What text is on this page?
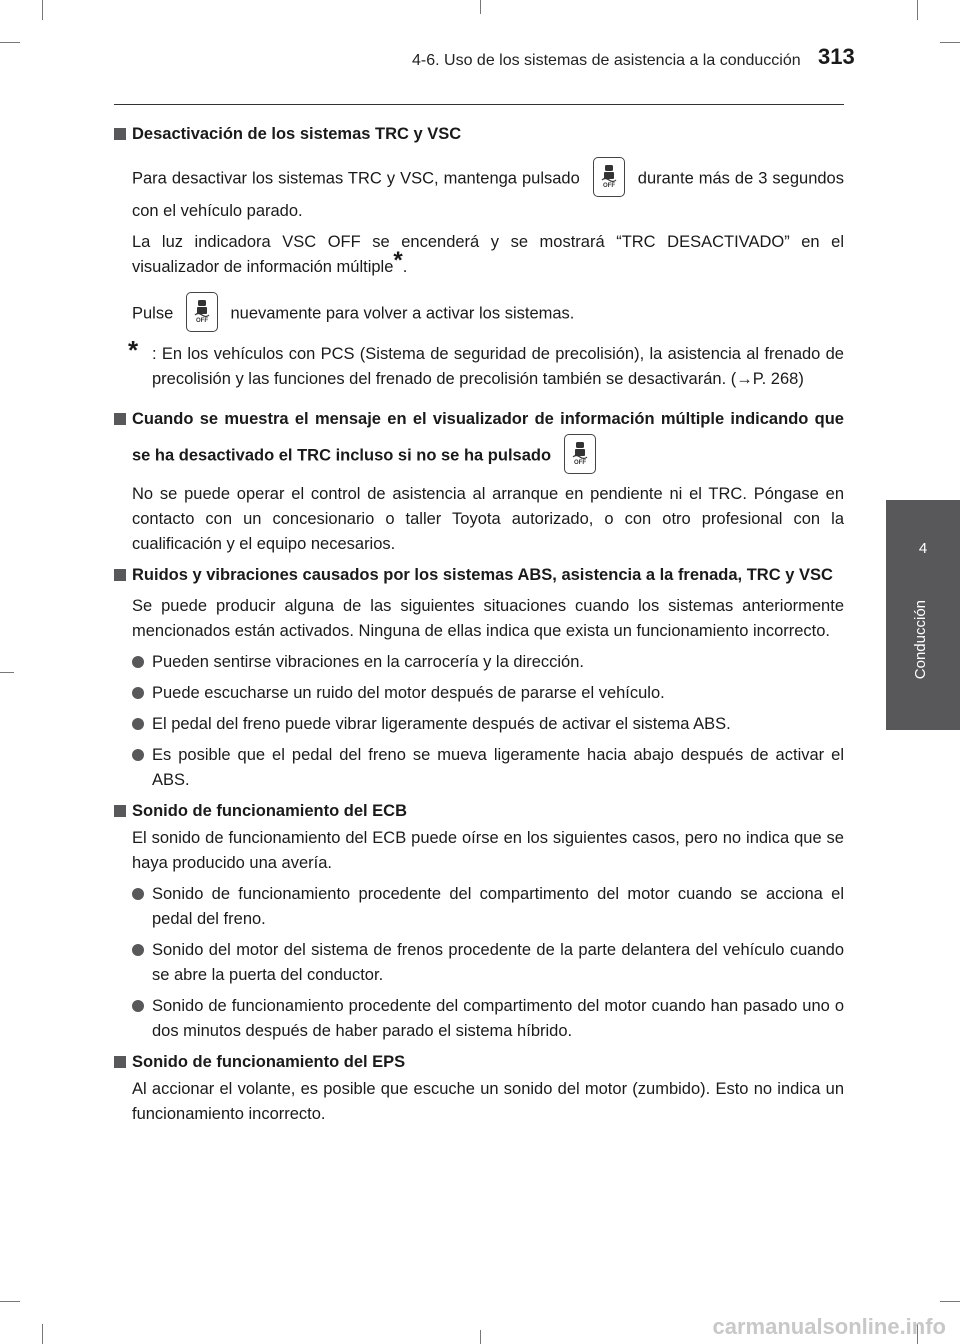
4-6. Uso de los sistemas de asistencia a la conducción 313
4
Conducción
Desactivación de los sistemas TRC y VSC
Para desactivar los sistemas TRC y VSC, mantenga pulsado	OFF durante más de 3 segundos con el vehículo parado.
La luz indicadora VSC OFF se encenderá y se mostrará “TRC DESACTIVADO” en el visualizador de información múltiple*.
Pulse	OFF nuevamente para volver a activar los sistemas.
* : En los vehículos con PCS (Sistema de seguridad de precolisión), la asistencia al frenado de precolisión y las funciones del frenado de precolisión también se desactivarán. (→P. 268)
Cuando se muestra el mensaje en el visualizador de información múltiple indicando que se ha desactivado el TRC incluso si no se ha pulsado	OFF
No se puede operar el control de asistencia al arranque en pendiente ni el TRC. Póngase en contacto con un concesionario o taller Toyota autorizado, o con otro profesional con la cualificación y el equipo necesarios.
Ruidos y vibraciones causados por los sistemas ABS, asistencia a la frenada, TRC y VSC
Se puede producir alguna de las siguientes situaciones cuando los sistemas anteriormente mencionados están activados. Ninguna de ellas indica que exista un funcionamiento incorrecto.
Pueden sentirse vibraciones en la carrocería y la dirección.
Puede escucharse un ruido del motor después de pararse el vehículo.
El pedal del freno puede vibrar ligeramente después de activar el sistema ABS.
Es posible que el pedal del freno se mueva ligeramente hacia abajo después de activar el ABS.
Sonido de funcionamiento del ECB
El sonido de funcionamiento del ECB puede oírse en los siguientes casos, pero no indica que se haya producido una avería.
Sonido de funcionamiento procedente del compartimento del motor cuando se acciona el pedal del freno.
Sonido del motor del sistema de frenos procedente de la parte delantera del vehículo cuando se abre la puerta del conductor.
Sonido de funcionamiento procedente del compartimento del motor cuando han pasado uno o dos minutos después de haber parado el sistema híbrido.
Sonido de funcionamiento del EPS
Al accionar el volante, es posible que escuche un sonido del motor (zumbido). Esto no indica un funcionamiento incorrecto.
carmanualsonline.info
